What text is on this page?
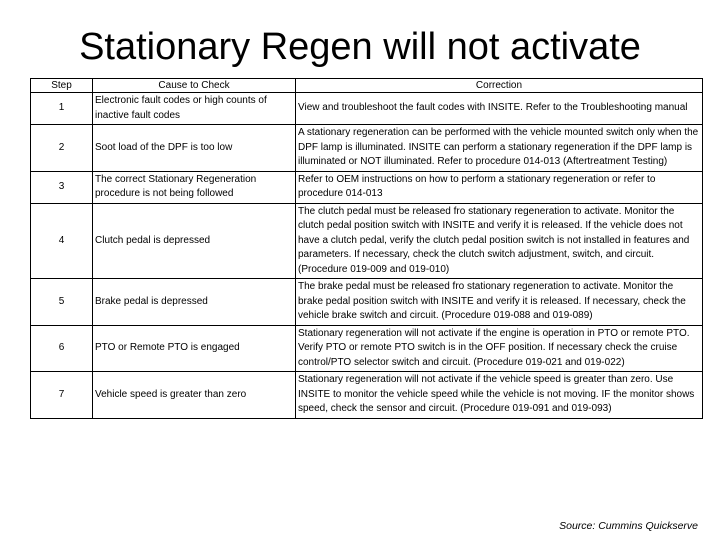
Stationary Regen will not activate
Step	Cause to Check	Correction
1	Electronic fault codes or high counts of inactive fault codes	View and troubleshoot the fault codes with INSITE. Refer to the Troubleshooting manual
2	Soot load of the DPF is too low	A stationary regeneration can be performed with the vehicle mounted switch only when the DPF lamp is illuminated. INSITE can perform a stationary regeneration if the DPF lamp is illuminated or NOT illuminated. Refer to procedure 014-013 (Aftertreatment Testing)
3	The correct Stationary Regeneration procedure is not being followed	Refer to OEM instructions on how to perform a stationary regeneration or refer to procedure 014-013
4	Clutch pedal is depressed	The clutch pedal must be released fro stationary regeneration to activate. Monitor the clutch pedal position switch with INSITE and verify it is released. If the vehicle does not have a clutch pedal, verify the clutch pedal position switch is not installed in features and parameters. If necessary, check the clutch switch adjustment, switch, and circuit. (Procedure 019-009 and 019-010)
5	Brake pedal is depressed	The brake pedal must be released fro stationary regeneration to activate. Monitor the brake pedal position switch with INSITE and verify it is released. If necessary, check the vehicle brake switch and circuit. (Procedure 019-088 and 019-089)
6	PTO or Remote PTO is engaged	Stationary regeneration will not activate if the engine is operation in PTO or remote PTO. Verify PTO or remote PTO switch is in the OFF position. If necessary check the cruise control/PTO selector switch and circuit. (Procedure 019-021 and 019-022)
7	Vehicle speed is greater than zero	Stationary regeneration will not activate if the vehicle speed is greater than zero. Use INSITE to monitor the vehicle speed while the vehicle is not moving. IF the monitor shows speed, check the sensor and circuit. (Procedure 019-091 and 019-093)
Source: Cummins Quickserve
